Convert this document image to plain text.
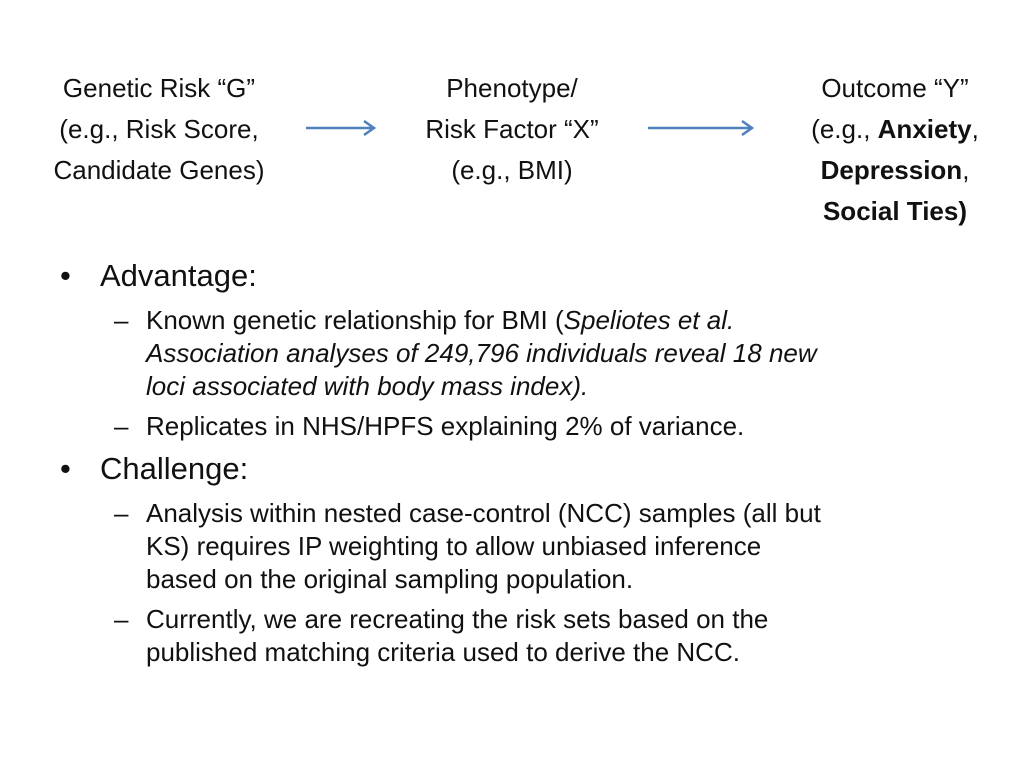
Genetic Risk “G”
(e.g., Risk Score,
Candidate Genes)
Phenotype/
Risk Factor “X”
(e.g., BMI)
Outcome “Y”
(e.g., Anxiety,
Depression,
Social Ties)
• Advantage:
– Known genetic relationship for BMI (Speliotes et al.
Association analyses of 249,796 individuals reveal 18 new
loci associated with body mass index).
– Replicates in NHS/HPFS explaining 2% of variance.
• Challenge:
– Analysis within nested case-control (NCC) samples (all but
KS) requires IP weighting to allow unbiased inference
based on the original sampling population.
– Currently, we are recreating the risk sets based on the
published matching criteria used to derive the NCC.
